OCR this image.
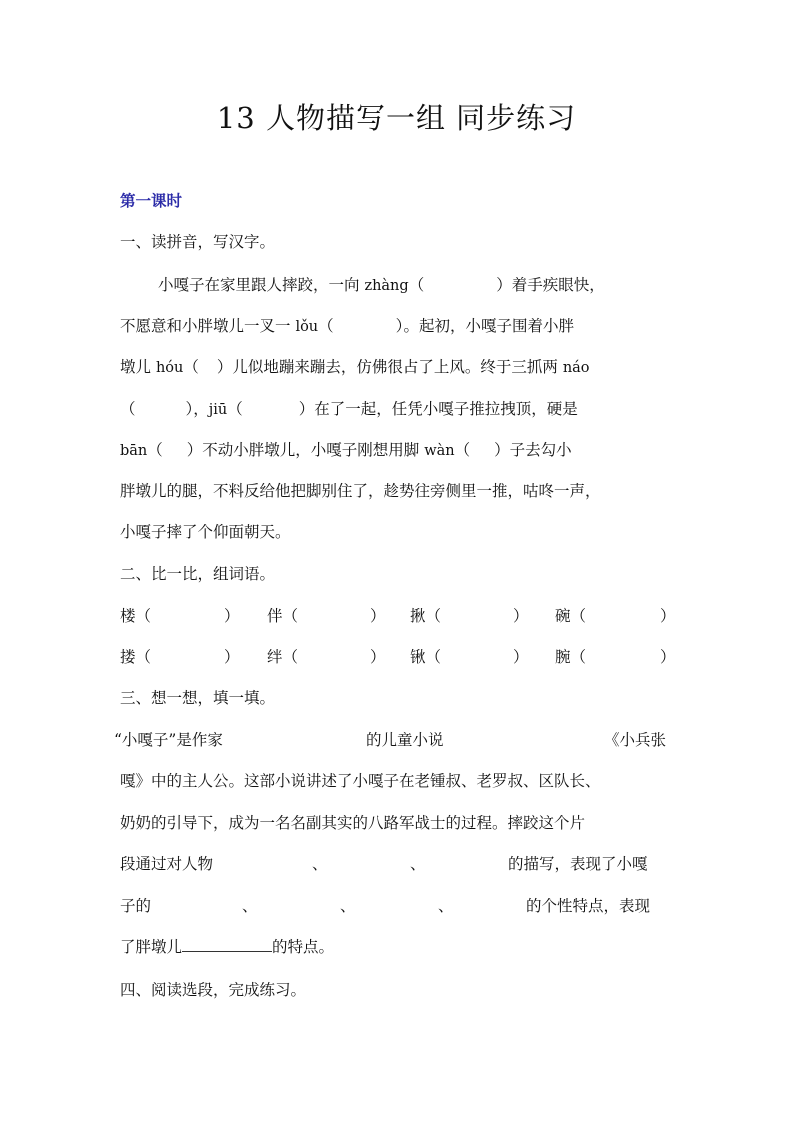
13 人物描写一组 同步练习
第一课时
一、读拼音，写汉字。
小嘎子在家里跟人摔跤，一向 zhàng（	）着手疾眼快，
不愿意和小胖墩儿一叉一 lǒu（	）。起初，小嘎子围着小胖
墩儿 hóu（ ）儿似地蹦来蹦去，仿佛很占了上风。终于三抓两 náo
（	），jiū（	）在了一起，任凭小嘎子推拉拽顶，硬是
bān（ ）不动小胖墩儿，小嘎子刚想用脚 wàn（ ）子去勾小
胖墩儿的腿，不料反给他把脚别住了，趁势往旁侧里一推，咕咚一声，
小嘎子摔了个仰面朝天。
二、比一比，组词语。
楼（	） 伴（	） 揪（	） 碗（	）
搂（	） 绊（	） 锹（	） 腕（	）
三、想一想，填一填。
“小嘎子”是作家	的儿童小说	《小兵张
嘎》中的主人公。这部小说讲述了小嘎子在老锺叔、老罗叔、区队长、
奶奶的引导下，成为一名名副其实的八路军战士的过程。摔跤这个片
段通过对人物	、	、	的描写，表现了小嘎
子的	、	、	、	的个性特点，表现
了胖墩儿	的特点。
四、阅读选段，完成练习。
